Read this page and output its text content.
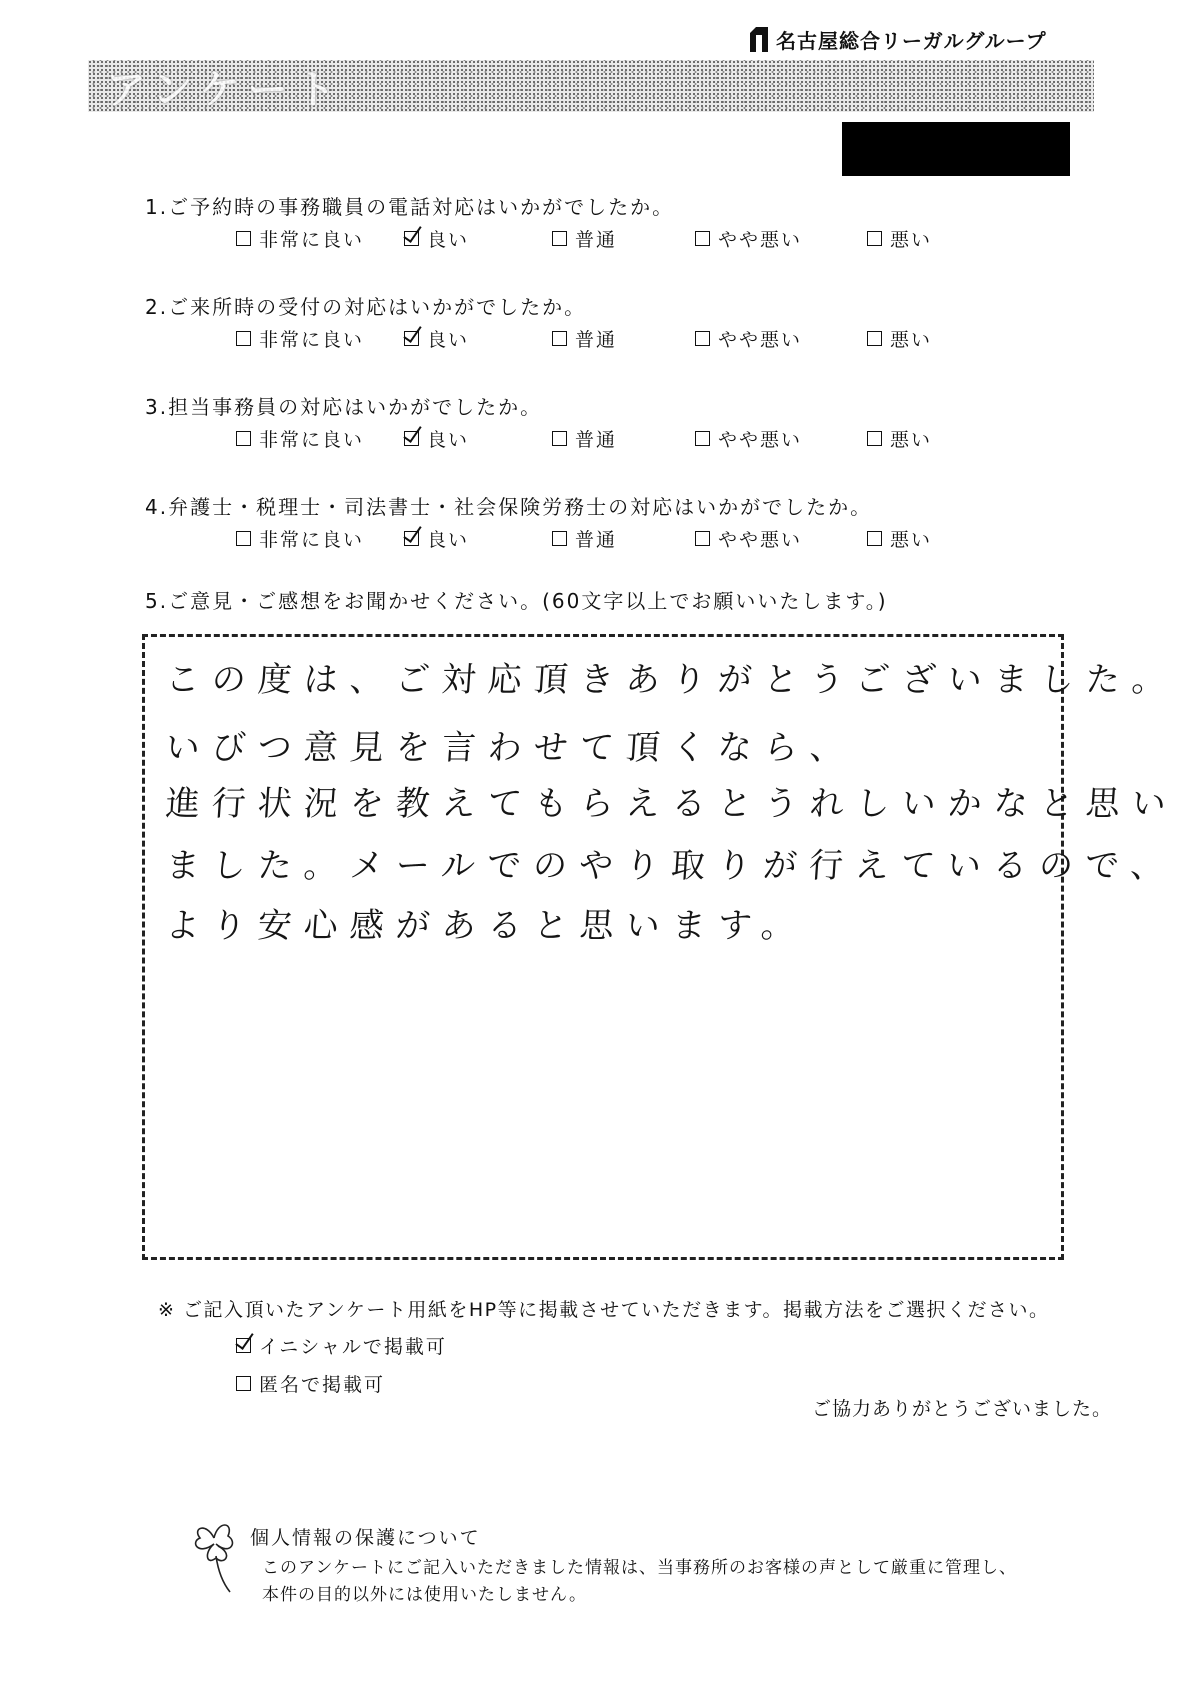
名古屋総合リーガルグループ
アンケート
1.ご予約時の事務職員の電話対応はいかがでしたか。
2.ご来所時の受付の対応はいかがでしたか。
3.担当事務員の対応はいかがでしたか。
4.弁護士・税理士・司法書士・社会保険労務士の対応はいかがでしたか。
非常に良い	良い	普通	やや悪い	悪い
非常に良い	良い	普通	やや悪い	悪い
非常に良い	良い	普通	やや悪い	悪い
非常に良い	良い	普通	やや悪い	悪い
5.ご意見・ご感想をお聞かせください。(60文字以上でお願いいたします。)
この度は、ご対応頂きありがとうございました。
いびつ意見を言わせて頂くなら、
進行状況を教えてもらえるとうれしいかなと思い
ました。メールでのやり取りが行えているので、
より安心感があると思います。
※ ご記入頂いたアンケート用紙をHP等に掲載させていただきます。掲載方法をご選択ください。
イニシャルで掲載可
匿名で掲載可
ご協力ありがとうございました。
個人情報の保護について
このアンケートにご記入いただきました情報は、当事務所のお客様の声として厳重に管理し、
本件の目的以外には使用いたしません。
